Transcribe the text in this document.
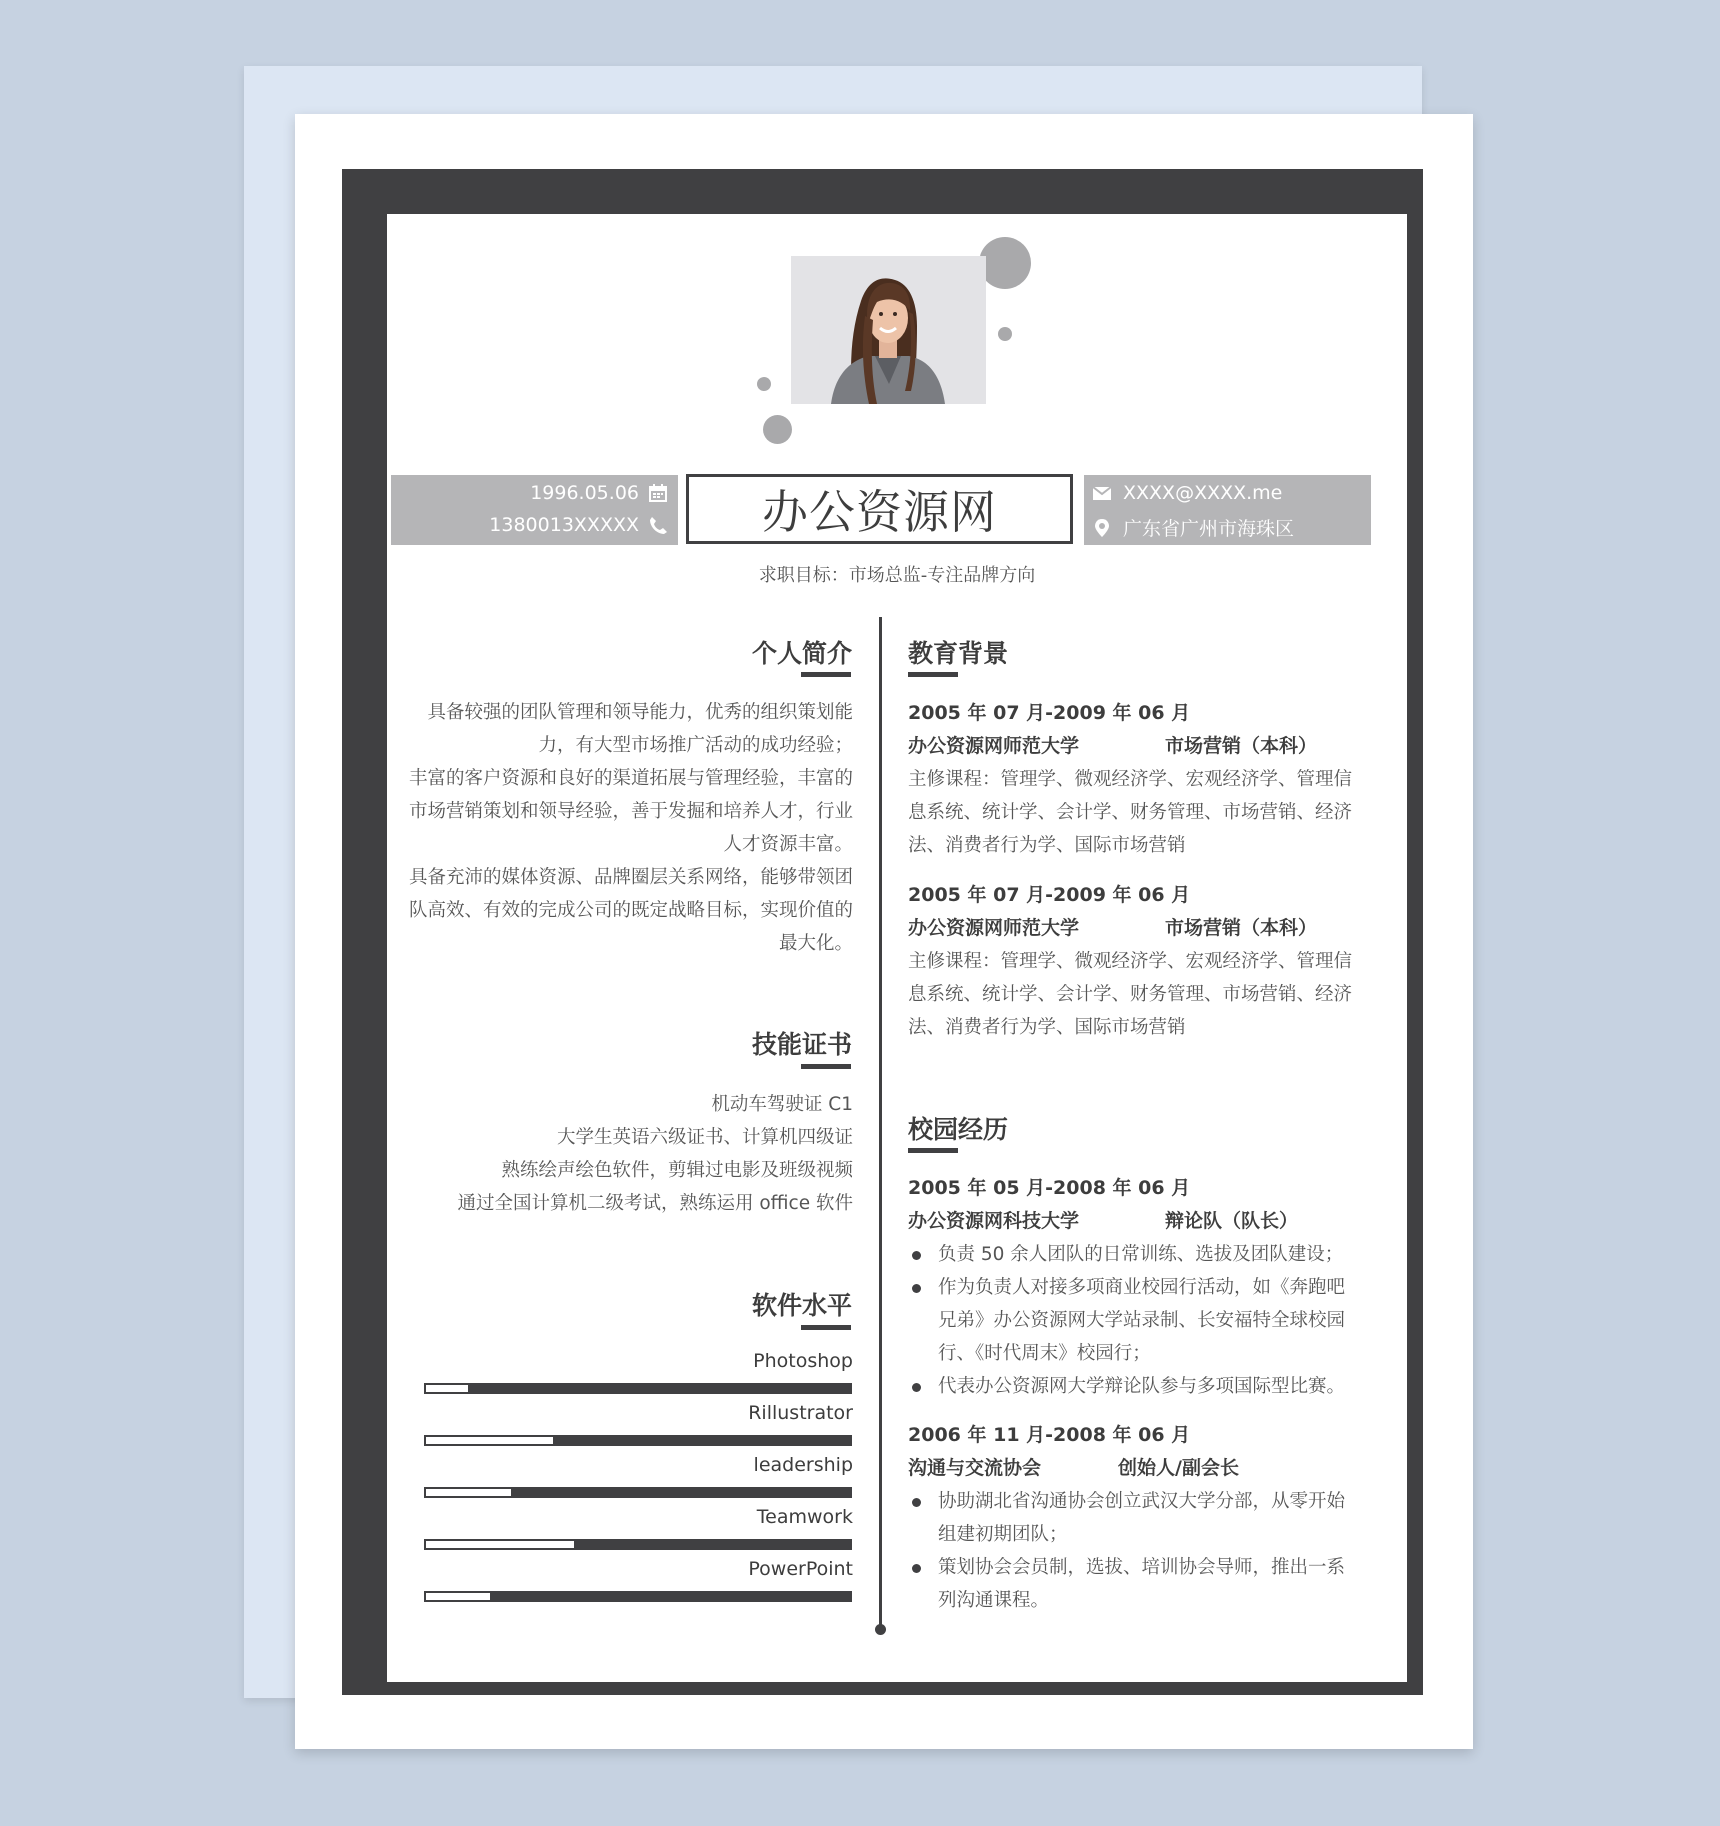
1996.05.06
1380013XXXXX	办公资源网	XXXX@XXXX.me
广东省广州市海珠区
求职目标：市场总监-专注品牌方向
个人简介

具备较强的团队管理和领导能力，优秀的组织策划能力，有大型市场推广活动的成功经验；

丰富的客户资源和良好的渠道拓展与管理经验，丰富的市场营销策划和领导经验，善于发掘和培养人才，行业人才资源丰富。

具备充沛的媒体资源、品牌圈层关系网络，能够带领团队高效、有效的完成公司的既定战略目标，实现价值的最大化。

技能证书

机动车驾驶证 C1

大学生英语六级证书、计算机四级证

熟练绘声绘色软件，剪辑过电影及班级视频

通过全国计算机二级考试，熟练运用 office 软件

软件水平
Photoshop
Rillustrator
leadership
Teamwork
PowerPoint
教育背景
2005 年 07 月-2009 年 06 月
办公资源网师范大学	市场营销（本科）
主修课程：管理学、微观经济学、宏观经济学、管理信息系统、统计学、会计学、财务管理、市场营销、经济法、消费者行为学、国际市场营销
2005 年 07 月-2009 年 06 月
办公资源网师范大学	市场营销（本科）
主修课程：管理学、微观经济学、宏观经济学、管理信息系统、统计学、会计学、财务管理、市场营销、经济法、消费者行为学、国际市场营销
校园经历
2005 年 05 月-2008 年 06 月
办公资源网科技大学	辩论队（队长）
负责 50 余人团队的日常训练、选拔及团队建设；
作为负责人对接多项商业校园行活动，如《奔跑吧兄弟》办公资源网大学站录制、长安福特全球校园行、《时代周末》校园行；
代表办公资源网大学辩论队参与多项国际型比赛。
2006 年 11 月-2008 年 06 月
沟通与交流协会	创始人/副会长
协助湖北省沟通协会创立武汉大学分部，从零开始组建初期团队；
策划协会会员制，选拔、培训协会导师，推出一系列沟通课程。
